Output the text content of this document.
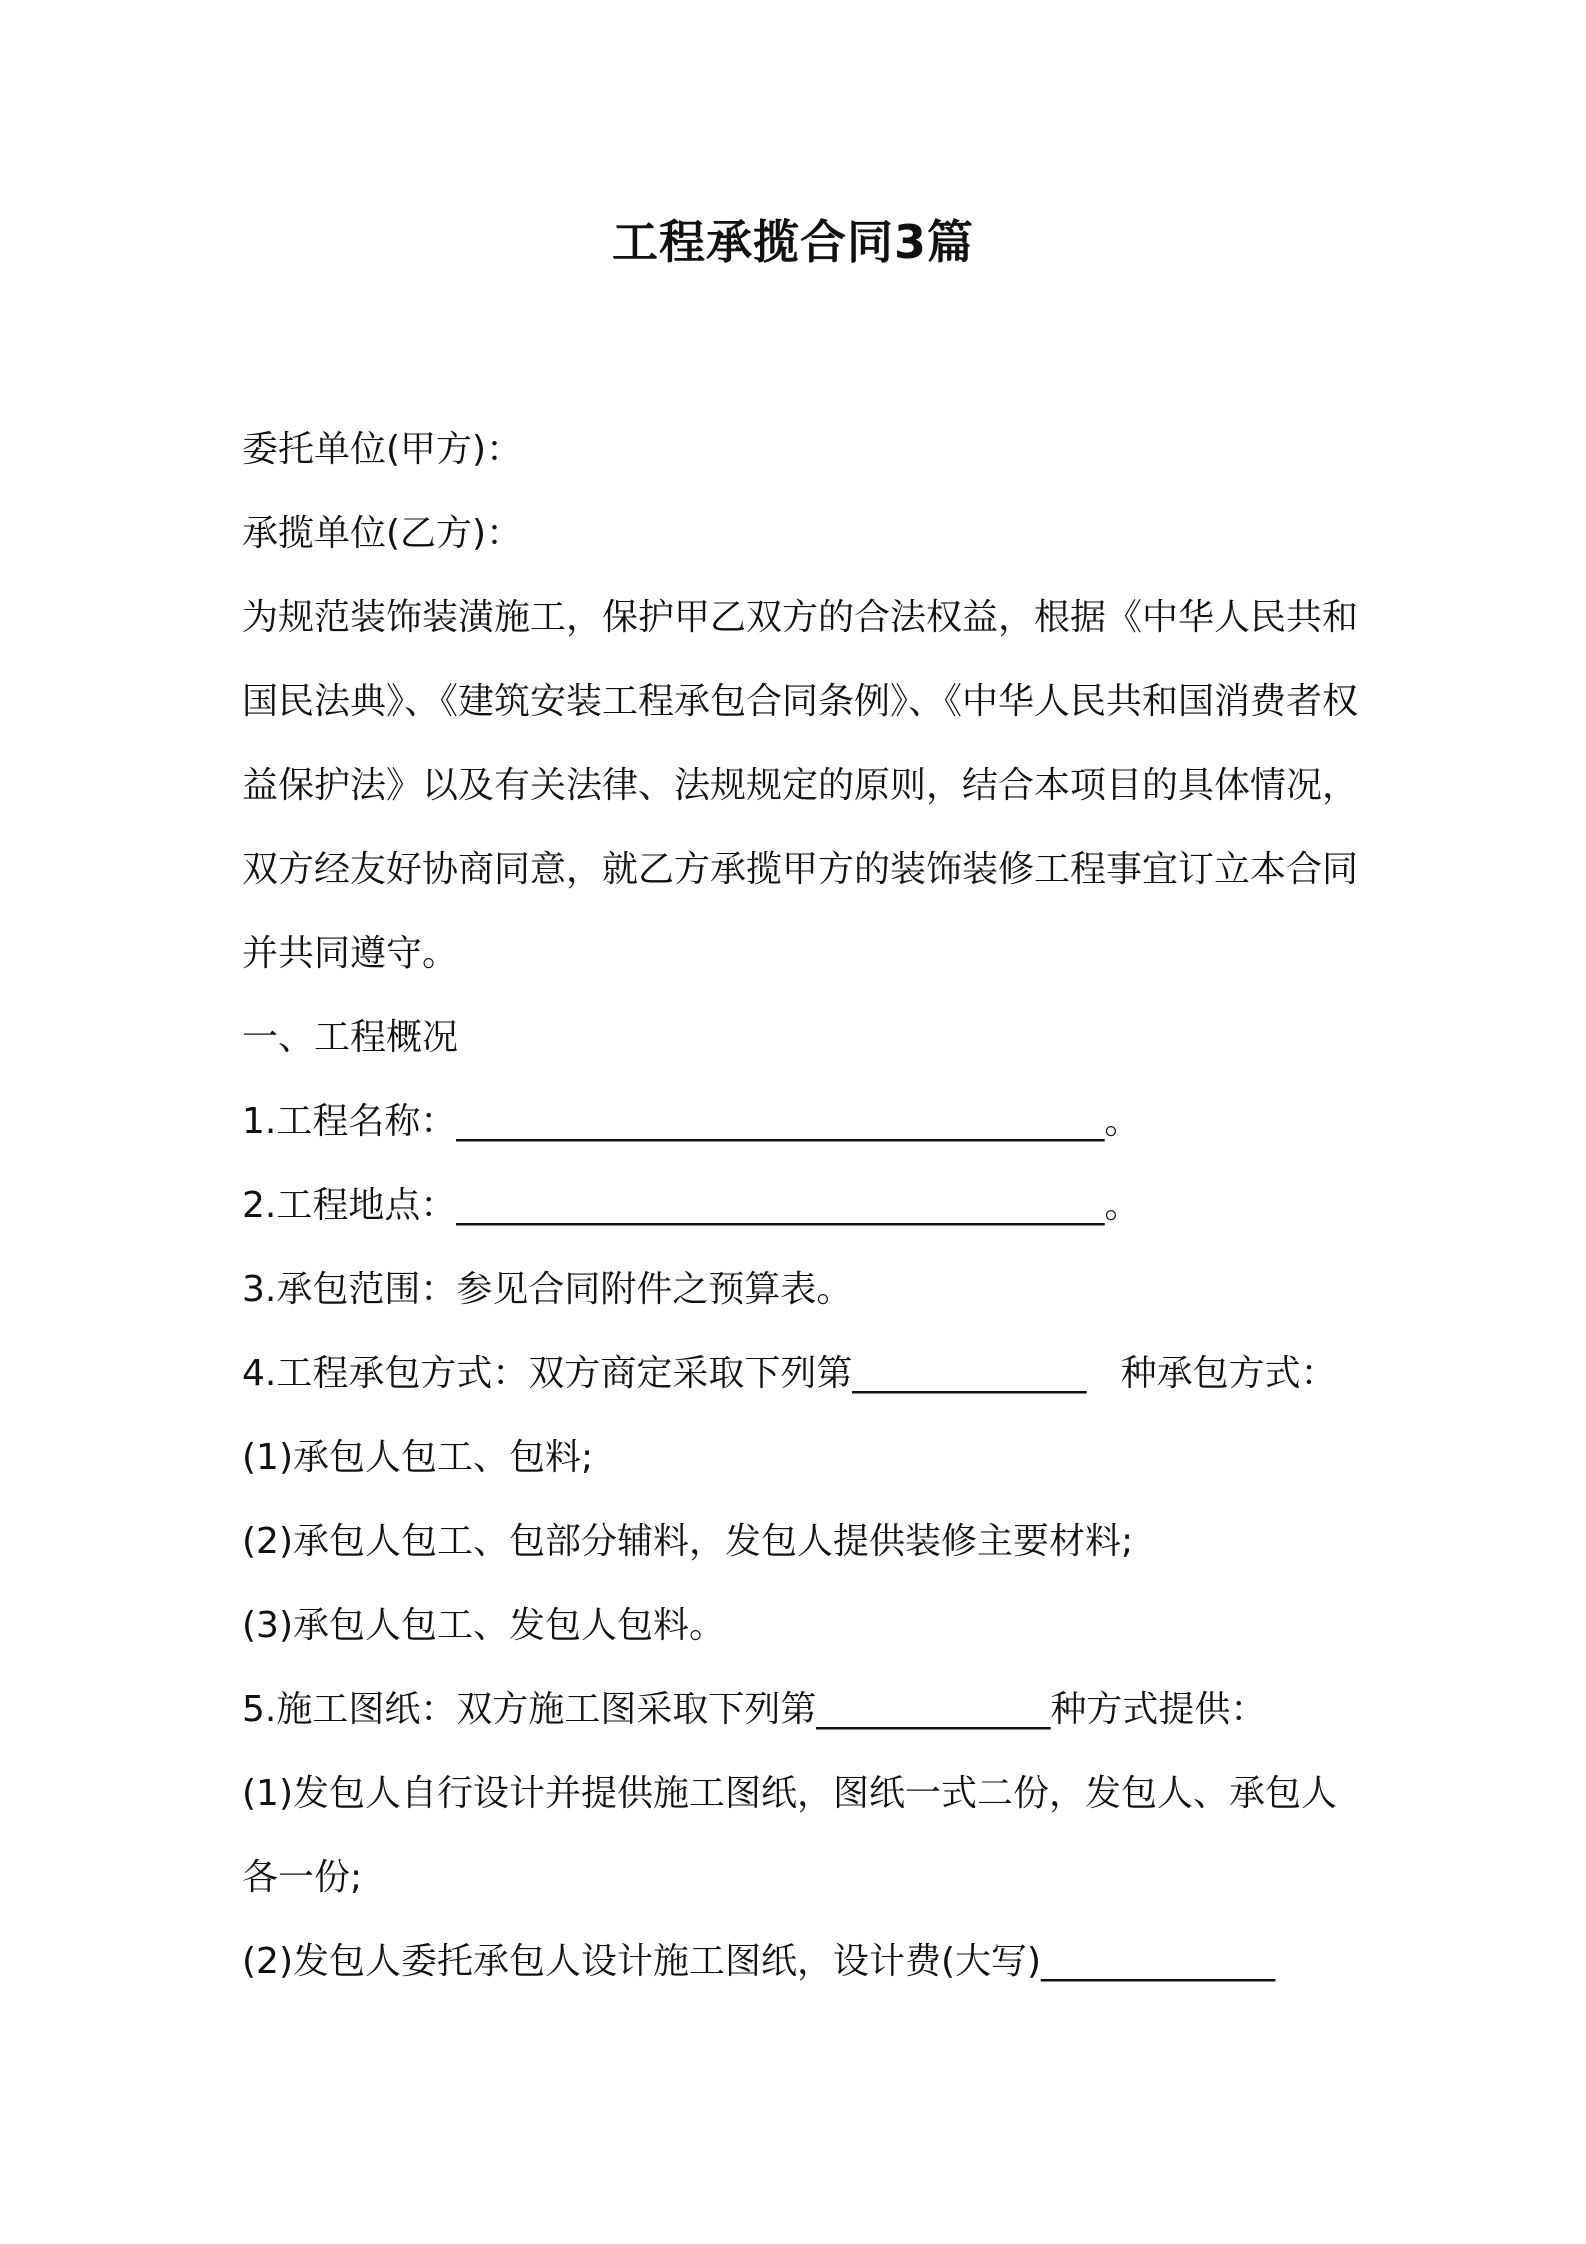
工程承揽合同3篇

委托单位(甲方)：

承揽单位(乙方)：

为规范装饰装潢施工，保护甲乙双方的合法权益，根据《中华人民共和国民法典》、《建筑安装工程承包合同条例》、《中华人民共和国消费者权益保护法》以及有关法律、法规规定的原则，结合本项目的具体情况，双方经友好协商同意，就乙方承揽甲方的装饰装修工程事宜订立本合同并共同遵守。

一、工程概况

1.工程名称：____________________________________。

2.工程地点：____________________________________。

3.承包范围：参见合同附件之预算表。

4.工程承包方式：双方商定采取下列第_____________   种承包方式：

(1)承包人包工、包料;

(2)承包人包工、包部分辅料，发包人提供装修主要材料;

(3)承包人包工、发包人包料。

5.施工图纸：双方施工图采取下列第_____________种方式提供：

(1)发包人自行设计并提供施工图纸，图纸一式二份，发包人、承包人各一份;

(2)发包人委托承包人设计施工图纸，设计费(大写)_____________
